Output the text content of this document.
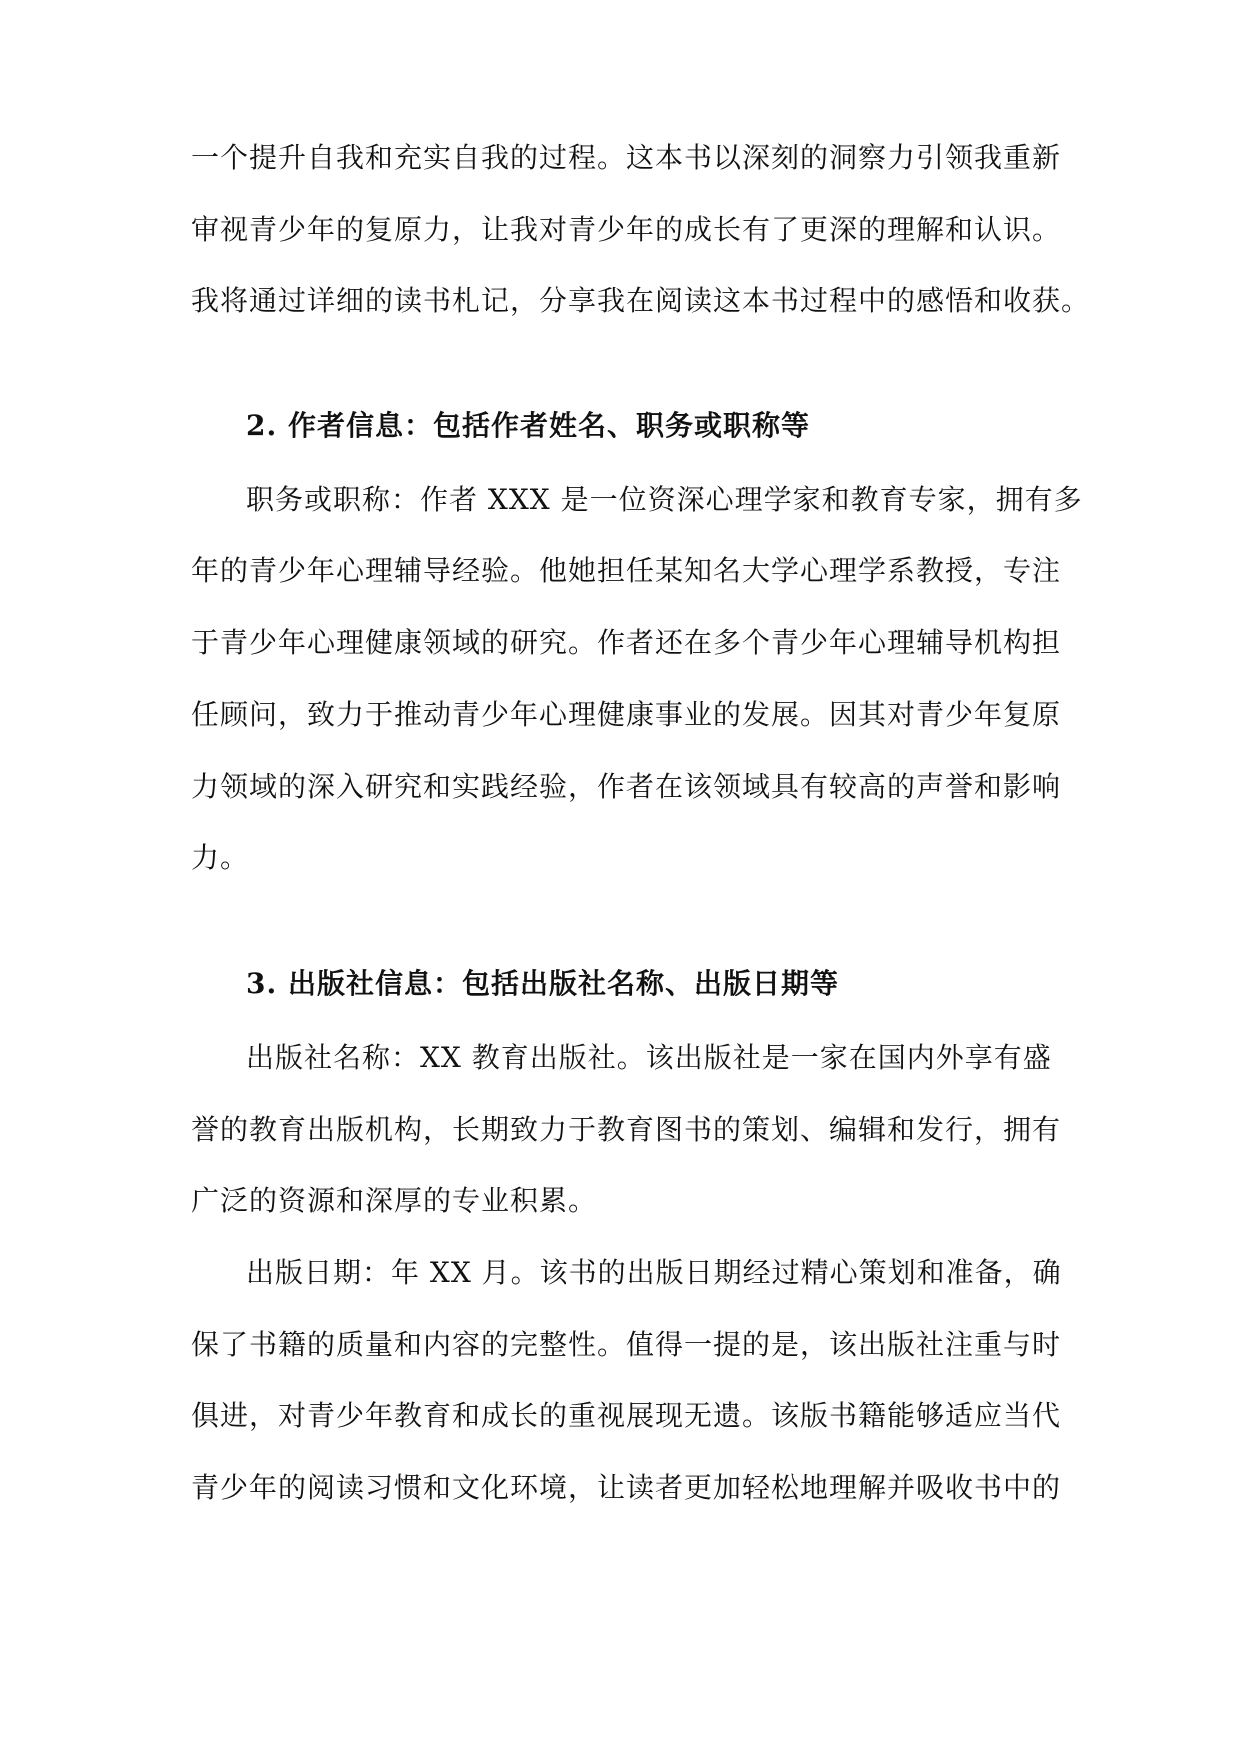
一个提升自我和充实自我的过程。这本书以深刻的洞察力引领我重新
审视青少年的复原力，让我对青少年的成长有了更深的理解和认识。
我将通过详细的读书札记，分享我在阅读这本书过程中的感悟和收获。
2. 作者信息：包括作者姓名、职务或职称等
职务或职称：作者 XXX 是一位资深心理学家和教育专家，拥有多
年的青少年心理辅导经验。他她担任某知名大学心理学系教授，专注
于青少年心理健康领域的研究。作者还在多个青少年心理辅导机构担
任顾问，致力于推动青少年心理健康事业的发展。因其对青少年复原
力领域的深入研究和实践经验，作者在该领域具有较高的声誉和影响
力。
3. 出版社信息：包括出版社名称、出版日期等
出版社名称：XX 教育出版社。该出版社是一家在国内外享有盛
誉的教育出版机构，长期致力于教育图书的策划、编辑和发行，拥有
广泛的资源和深厚的专业积累。
出版日期：年 XX 月。该书的出版日期经过精心策划和准备，确
保了书籍的质量和内容的完整性。值得一提的是，该出版社注重与时
俱进，对青少年教育和成长的重视展现无遗。该版书籍能够适应当代
青少年的阅读习惯和文化环境，让读者更加轻松地理解并吸收书中的
